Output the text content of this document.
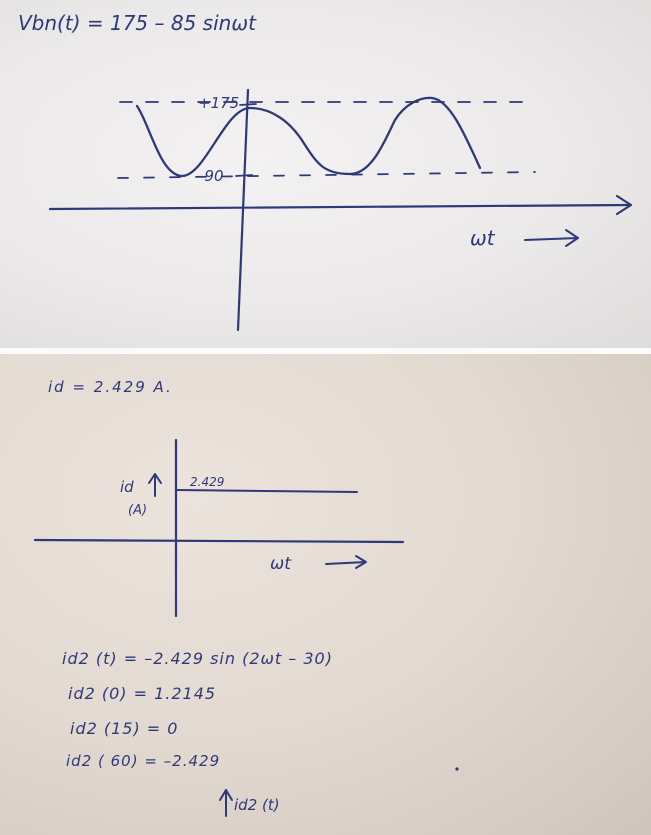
Vbn(t) = 175 – 85 sinωt
+175
–90
ωt
id = 2.429 A.
2.429
id
(A)
ωt
id2 (t) = –2.429 sin (2ωt – 30)
id2 (0) = 1.2145
id2 (15) = 0
id2 ( 60) = –2.429
id2 (t)
